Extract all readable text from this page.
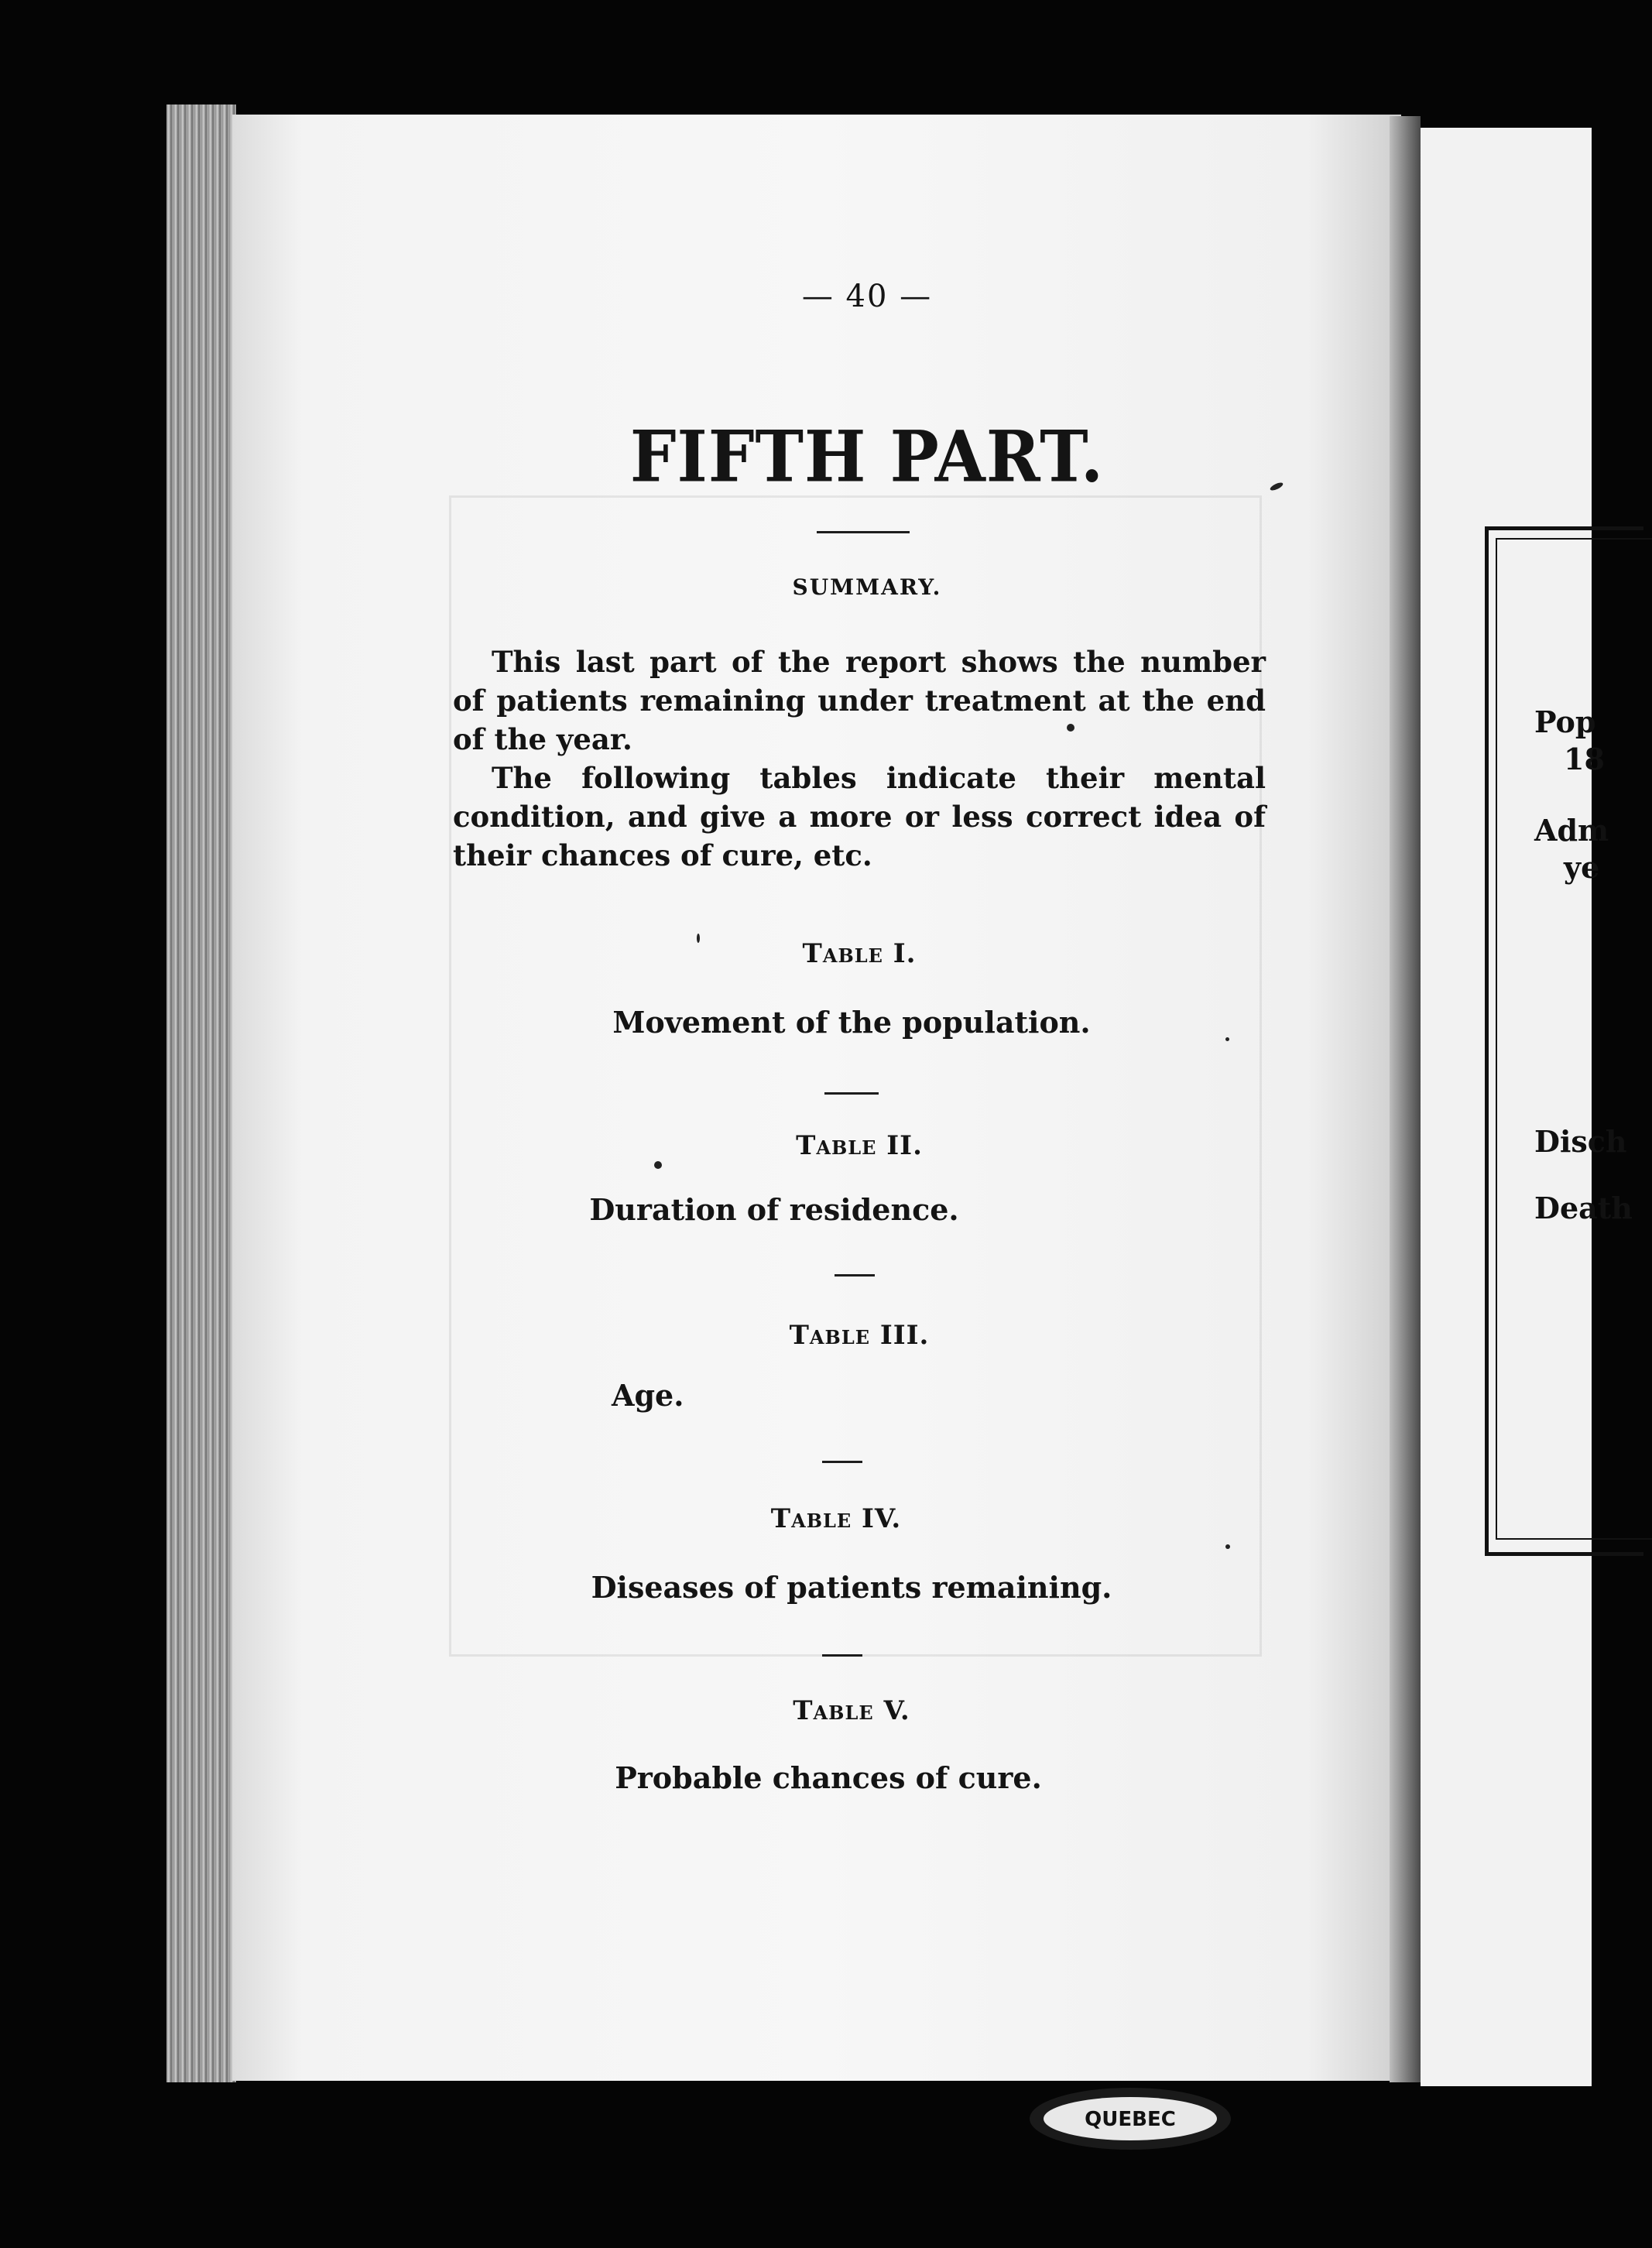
Pop
18
Adm
ye
Disch
Death
— 40 —
FIFTH PART.
SUMMARY.

This last part of the report shows the number of patients remaining under treatment at the end of the year.

The following tables indicate their mental condition, and give a more or less correct idea of their chances of cure, etc.

Table I.
Movement of the population.
Table II.
Duration of residence.
Table III.
Age.
Table IV.
Diseases of patients remaining.
Table V.
Probable chances of cure.
QUEBEC
